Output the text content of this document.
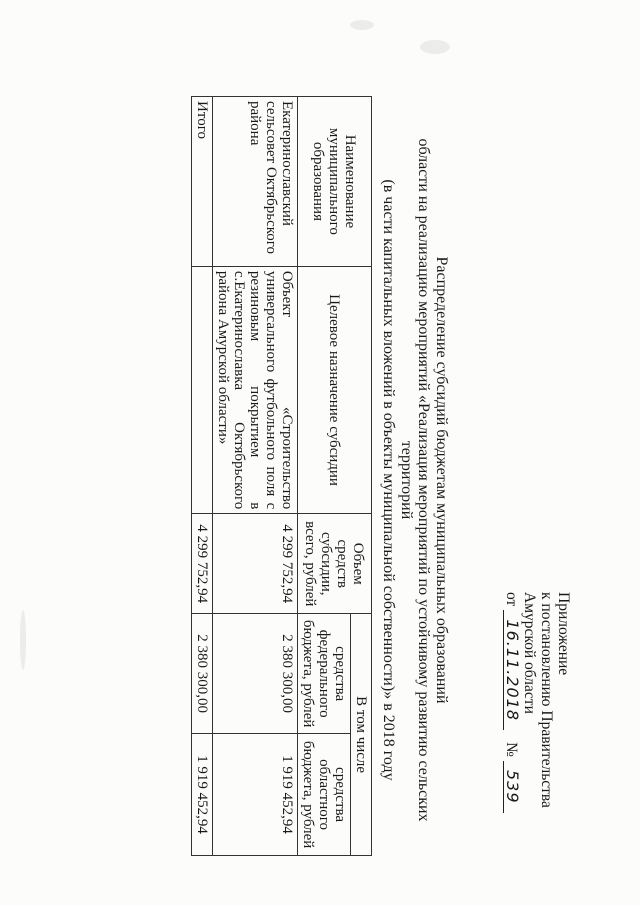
Приложение
к постановлению Правительства
Амурской области
от 16.11.2018 № 539
Распределение субсидий бюджетам муниципальных образований
области на реализацию мероприятий «Реализация мероприятий по устойчивому развитию сельских территорий
(в части капитальных вложений в объекты муниципальной собственности)» в 2018 году
Наименование муниципального образования	Целевое назначение субсидии	Объем средств субсидии, всего, рублей	В том числе	
			средства федерального бюджета, рублей	средства областного бюджета, рублей
Екатеринославский сельсовет Октябрьского района	Объект «Строительство универсального футбольного поля с резиновым покрытием в с.Екатеринославка Октябрьского района Амурской области»	4 299 752,94	2 380 300,00	1 919 452,94
Итого		4 299 752,94	2 380 300,00	1 919 452,94
